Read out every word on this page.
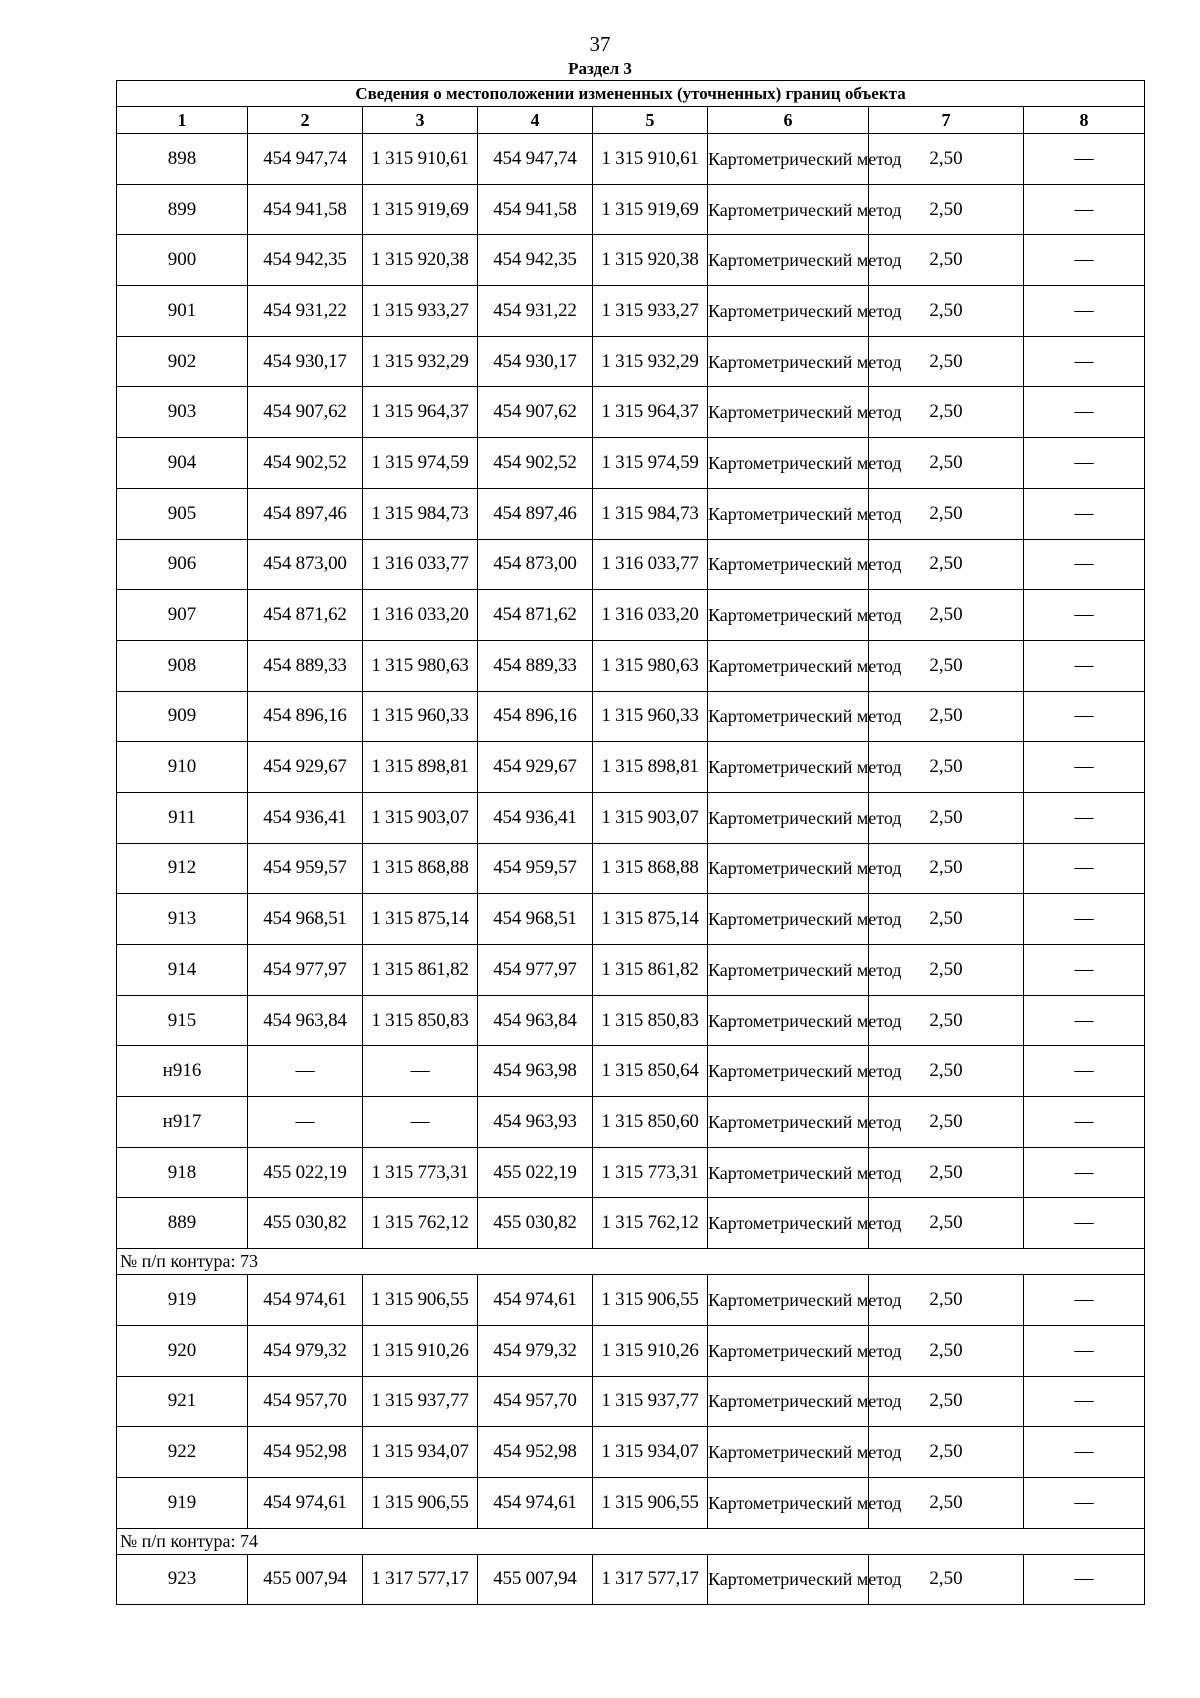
37
Раздел 3
Сведения о местоположении измененных (уточненных) границ объекта							
1	2	3	4	5	6	7	8
898	454 947,74	1 315 910,61	454 947,74	1 315 910,61	Картометрический метод	2,50	—
899	454 941,58	1 315 919,69	454 941,58	1 315 919,69	Картометрический метод	2,50	—
900	454 942,35	1 315 920,38	454 942,35	1 315 920,38	Картометрический метод	2,50	—
901	454 931,22	1 315 933,27	454 931,22	1 315 933,27	Картометрический метод	2,50	—
902	454 930,17	1 315 932,29	454 930,17	1 315 932,29	Картометрический метод	2,50	—
903	454 907,62	1 315 964,37	454 907,62	1 315 964,37	Картометрический метод	2,50	—
904	454 902,52	1 315 974,59	454 902,52	1 315 974,59	Картометрический метод	2,50	—
905	454 897,46	1 315 984,73	454 897,46	1 315 984,73	Картометрический метод	2,50	—
906	454 873,00	1 316 033,77	454 873,00	1 316 033,77	Картометрический метод	2,50	—
907	454 871,62	1 316 033,20	454 871,62	1 316 033,20	Картометрический метод	2,50	—
908	454 889,33	1 315 980,63	454 889,33	1 315 980,63	Картометрический метод	2,50	—
909	454 896,16	1 315 960,33	454 896,16	1 315 960,33	Картометрический метод	2,50	—
910	454 929,67	1 315 898,81	454 929,67	1 315 898,81	Картометрический метод	2,50	—
911	454 936,41	1 315 903,07	454 936,41	1 315 903,07	Картометрический метод	2,50	—
912	454 959,57	1 315 868,88	454 959,57	1 315 868,88	Картометрический метод	2,50	—
913	454 968,51	1 315 875,14	454 968,51	1 315 875,14	Картометрический метод	2,50	—
914	454 977,97	1 315 861,82	454 977,97	1 315 861,82	Картометрический метод	2,50	—
915	454 963,84	1 315 850,83	454 963,84	1 315 850,83	Картометрический метод	2,50	—
н916	—	—	454 963,98	1 315 850,64	Картометрический метод	2,50	—
н917	—	—	454 963,93	1 315 850,60	Картометрический метод	2,50	—
918	455 022,19	1 315 773,31	455 022,19	1 315 773,31	Картометрический метод	2,50	—
889	455 030,82	1 315 762,12	455 030,82	1 315 762,12	Картометрический метод	2,50	—
№ п/п контура: 73							
919	454 974,61	1 315 906,55	454 974,61	1 315 906,55	Картометрический метод	2,50	—
920	454 979,32	1 315 910,26	454 979,32	1 315 910,26	Картометрический метод	2,50	—
921	454 957,70	1 315 937,77	454 957,70	1 315 937,77	Картометрический метод	2,50	—
922	454 952,98	1 315 934,07	454 952,98	1 315 934,07	Картометрический метод	2,50	—
919	454 974,61	1 315 906,55	454 974,61	1 315 906,55	Картометрический метод	2,50	—
№ п/п контура: 74							
923	455 007,94	1 317 577,17	455 007,94	1 317 577,17	Картометрический метод	2,50	—
